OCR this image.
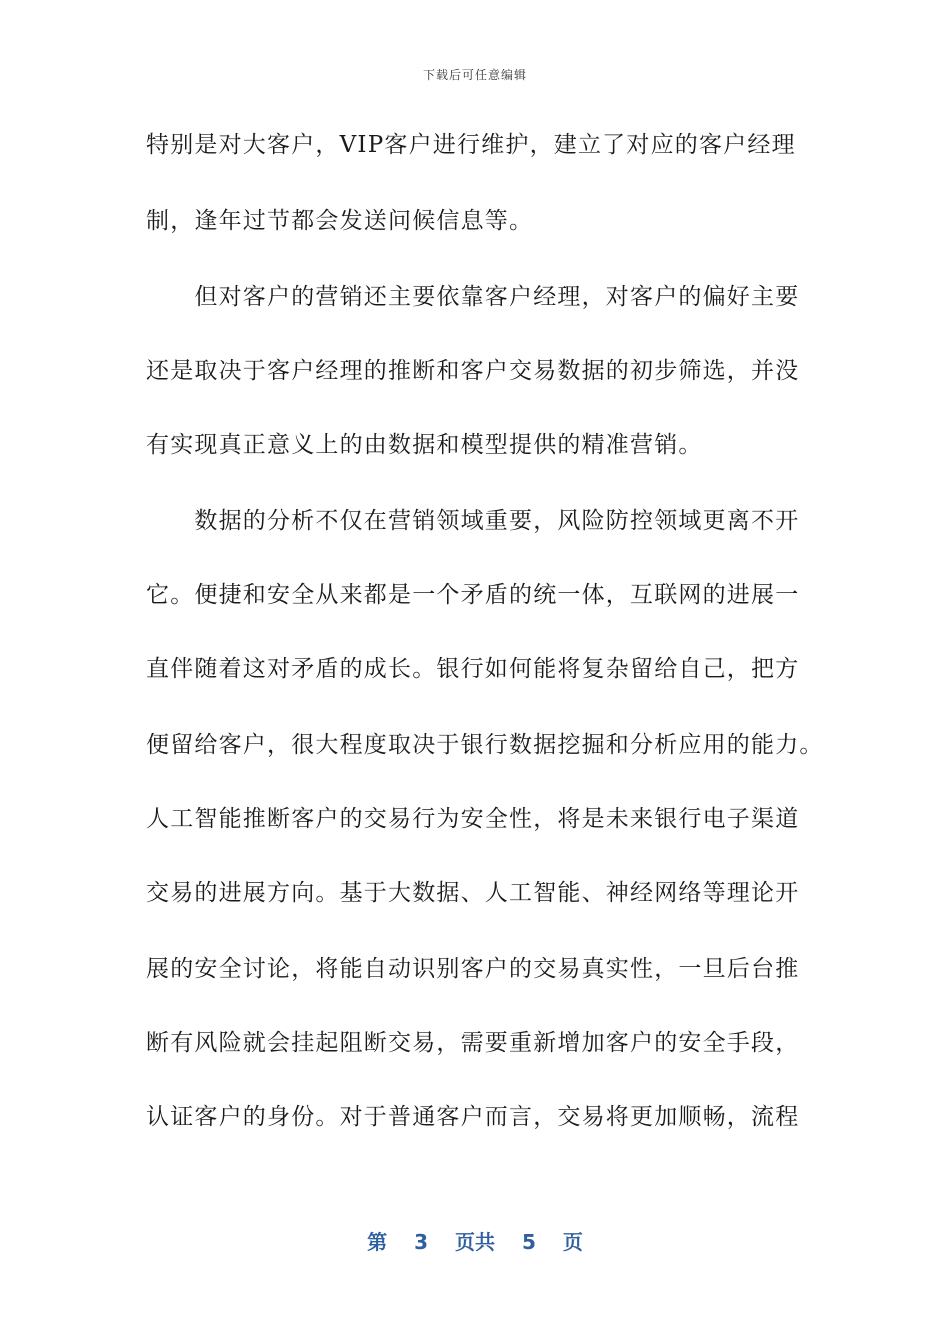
下载后可任意编辑
特别是对大客户，VIP客户进行维护，建立了对应的客户经理
制，逢年过节都会发送问候信息等。
　　但对客户的营销还主要依靠客户经理，对客户的偏好主要
还是取决于客户经理的推断和客户交易数据的初步筛选，并没
有实现真正意义上的由数据和模型提供的精准营销。
　　数据的分析不仅在营销领域重要，风险防控领域更离不开
它。便捷和安全从来都是一个矛盾的统一体，互联网的进展一
直伴随着这对矛盾的成长。银行如何能将复杂留给自己，把方
便留给客户，很大程度取决于银行数据挖掘和分析应用的能力。
人工智能推断客户的交易行为安全性，将是未来银行电子渠道
交易的进展方向。基于大数据、人工智能、神经网络等理论开
展的安全讨论，将能自动识别客户的交易真实性，一旦后台推
断有风险就会挂起阻断交易，需要重新增加客户的安全手段，
认证客户的身份。对于普通客户而言，交易将更加顺畅，流程
第 3 页共 5 页
